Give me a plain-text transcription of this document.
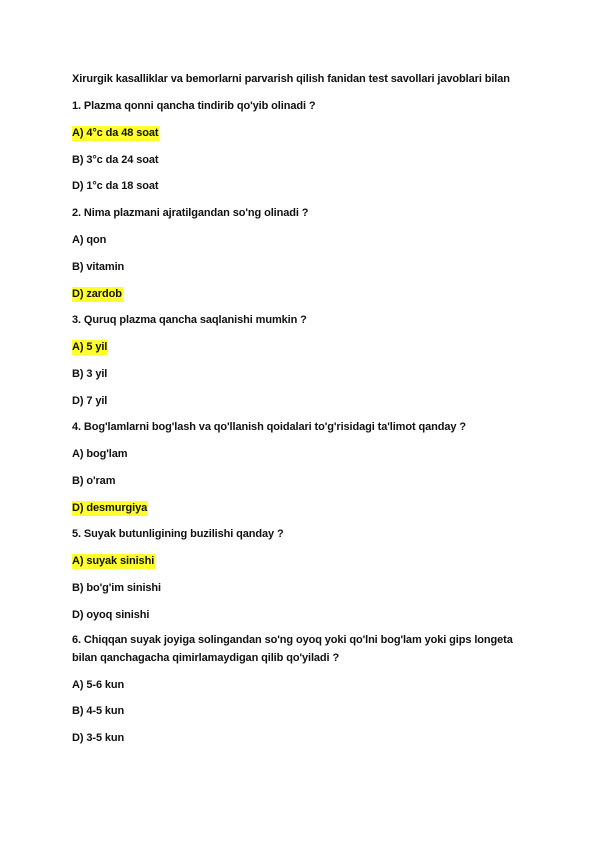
Xirurgik kasalliklar va bemorlarni parvarish qilish fanidan test savollari javoblari bilan
1. Plazma qonni qancha tindirib qo'yib olinadi ?
A) 4°c da 48 soat
B) 3°c da 24 soat
D) 1°c da 18 soat
2. Nima plazmani ajratilgandan so'ng olinadi ?
A) qon
B) vitamin
D) zardob
3. Quruq plazma qancha saqlanishi mumkin ?
A) 5 yil
B) 3 yil
D) 7 yil
4. Bog'lamlarni bog'lash va qo'llanish qoidalari to'g'risidagi ta'limot qanday ?
A) bog'lam
B) o'ram
D) desmurgiya
5. Suyak butunligining buzilishi qanday ?
A) suyak sinishi
B) bo'g'im sinishi
D) oyoq sinishi
6. Chiqqan suyak joyiga solingandan so'ng oyoq yoki qo'lni bog'lam yoki gips longeta bilan qanchagacha qimirlamaydigan qilib qo'yiladi ?
A) 5-6 kun
B) 4-5 kun
D) 3-5 kun
